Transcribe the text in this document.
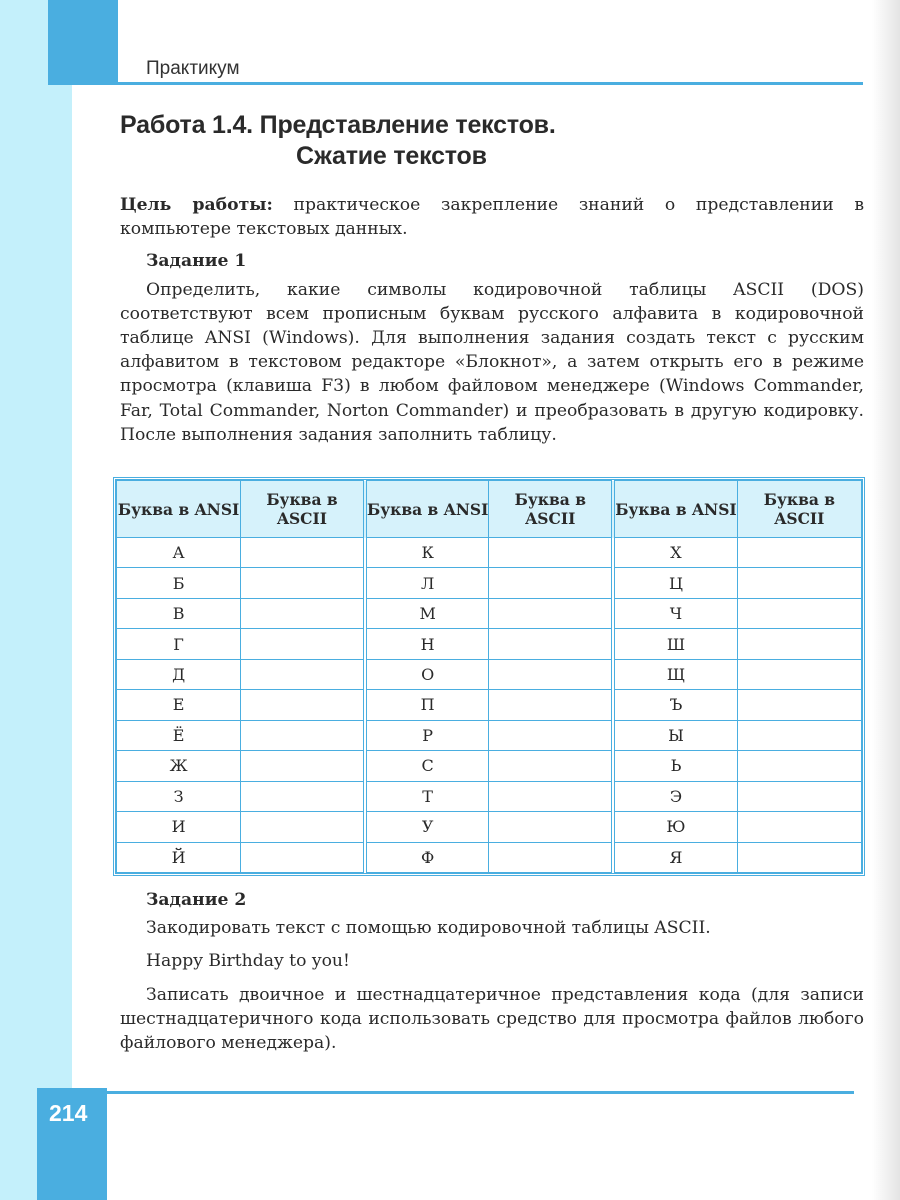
Практикум
Работа 1.4. Представление текстов.
Сжатие текстов

Цель работы: практическое закрепление знаний о представлении в компьютере текстовых данных.

Задание 1

Определить, какие символы кодировочной таблицы ASCII (DOS) соответствуют всем прописным буквам русского алфавита в кодировочной таблице ANSI (Windows). Для выполнения задания создать текст с русским алфавитом в текстовом редакторе «Блокнот», а затем открыть его в режиме просмотра (клавиша F3) в любом файловом менеджере (Windows Commander, Far, Total Commander, Norton Commander) и преобразовать в другую кодировку. После выполнения задания заполнить таблицу.

Буква в ANSI	Буква в ASCII	Буква в ANSI	Буква в ASCII	Буква в ANSI	Буква в ASCII
А		К		Х	
Б		Л		Ц	
В		М		Ч	
Г		Н		Ш	
Д		О		Щ	
Е		П		Ъ	
Ё		Р		Ы	
Ж		С		Ь	
З		Т		Э	
И		У		Ю	
Й		Ф		Я	

Задание 2

Закодировать текст с помощью кодировочной таблицы ASCII.

Happy Birthday to you!

Записать двоичное и шестнадцатеричное представления кода (для записи шестнадцатеричного кода использовать средство для просмотра файлов любого файлового менеджера).

214
